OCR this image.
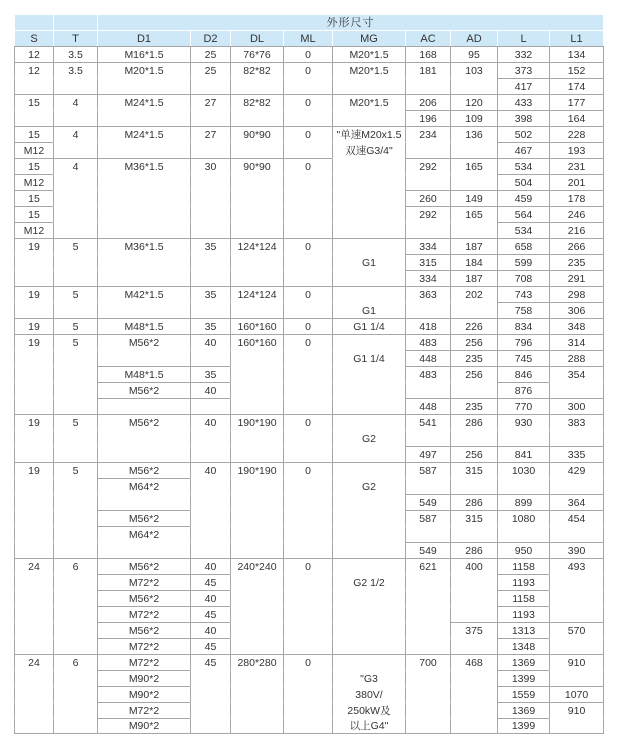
		外形尺寸								
S	T	D1	D2	DL	ML	MG	AC	AD	L	L1
12	3.5	M16*1.5	25	76*76	0	M20*1.5	168	95	332	134
12	3.5	M20*1.5	25	82*82	0	M20*1.5	181	103	373	152
									417	174
15	4	M24*1.5	27	82*82	0	M20*1.5	206	120	433	177
							196	109	398	164
15	4	M24*1.5	27	90*90	0	"单速M20x1.5	234	136	502	228
M12						双速G3/4"			467	193
15	4	M36*1.5	30	90*90	0		292	165	534	231
M12									504	201
15							260	149	459	178
15							292	165	564	246
M12									534	216
19	5	M36*1.5	35	124*124	0		334	187	658	266
						G1	315	184	599	235
							334	187	708	291
19	5	M42*1.5	35	124*124	0		363	202	743	298
						G1			758	306
19	5	M48*1.5	35	160*160	0	G1 1/4	418	226	834	348
19	5	M56*2	40	160*160	0		483	256	796	314
						G1 1/4	448	235	745	288
		M48*1.5	35				483	256	846	354
		M56*2	40						876	
							448	235	770	300
19	5	M56*2	40	190*190	0		541	286	930	383
						G2				
							497	256	841	335
19	5	M56*2	40	190*190	0		587	315	1030	429
		M64*2				G2				
							549	286	899	364
		M56*2					587	315	1080	454
		M64*2								
							549	286	950	390
24	6	M56*2	40	240*240	0		621	400	1158	493
		M72*2	45			G2 1/2			1193	
		M56*2	40						1158	
		M72*2	45						1193	
		M56*2	40					375	1313	570
		M72*2	45						1348	
24	6	M72*2	45	280*280	0		700	468	1369	910
		M90*2				"G3			1399	
		M90*2				380V/			1559	1070
		M72*2				250kW及			1369	910
		M90*2				以上G4"			1399	
